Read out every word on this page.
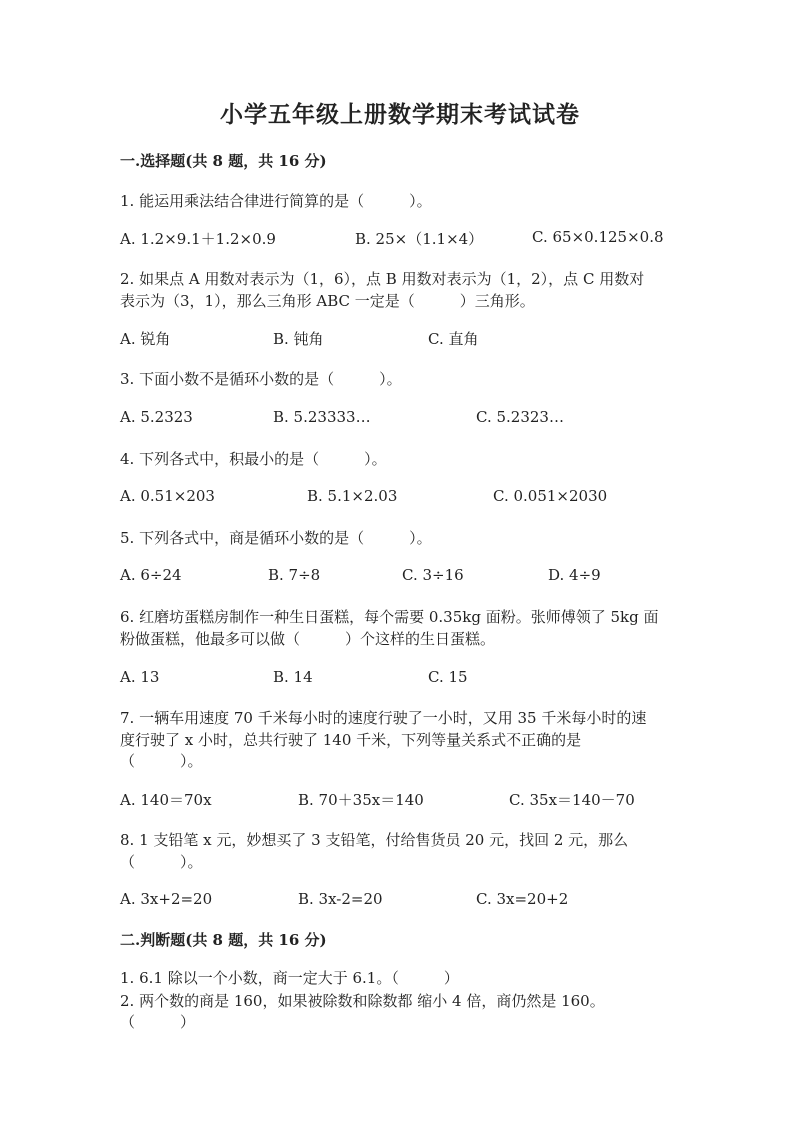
小学五年级上册数学期末考试试卷
一.选择题(共 8 题，共 16 分)
1. 能运用乘法结合律进行简算的是（　　　）。
A. 1.2×9.1＋1.2×0.9	B. 25×（1.1×4）	C. 65×0.125×0.8
2. 如果点 A 用数对表示为（1，6），点 B 用数对表示为（1，2），点 C 用数对
表示为（3，1），那么三角形 ABC 一定是（　　　）三角形。
A. 锐角	B. 钝角	C. 直角
3. 下面小数不是循环小数的是（　　　）。
A. 5.2323	B. 5.23333…	C. 5.2323…
4. 下列各式中，积最小的是（　　　）。
A. 0.51×203	B. 5.1×2.03	C. 0.051×2030
5. 下列各式中，商是循环小数的是（　　　）。
A. 6÷24	B. 7÷8	C. 3÷16	D. 4÷9
6. 红磨坊蛋糕房制作一种生日蛋糕，每个需要 0.35kg 面粉。张师傅领了 5kg 面
粉做蛋糕，他最多可以做（　　　）个这样的生日蛋糕。
A. 13	B. 14	C. 15
7. 一辆车用速度 70 千米每小时的速度行驶了一小时，又用 35 千米每小时的速
度行驶了 x 小时，总共行驶了 140 千米，下列等量关系式不正确的是
（　　　）。
A. 140＝70x	B. 70＋35x＝140	C. 35x＝140－70
8. 1 支铅笔 x 元，妙想买了 3 支铅笔，付给售货员 20 元，找回 2 元，那么
（　　　）。
A. 3x+2=20	B. 3x-2=20	C. 3x=20+2
二.判断题(共 8 题，共 16 分)
1. 6.1 除以一个小数，商一定大于 6.1。（　　　）
2. 两个数的商是 160，如果被除数和除数都 缩小 4 倍，商仍然是 160。
（　　　）
